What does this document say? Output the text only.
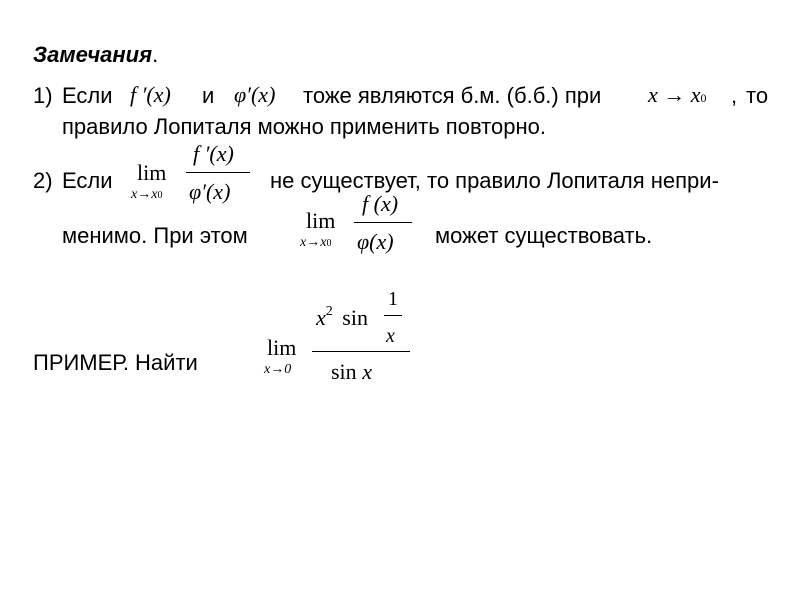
Замечания.
1) Если f ′(x) и φ′(x) тоже являются б.м. (б.б.) при x → x0 , то
правило Лопиталя можно применить повторно.
2) Если lim
x→x0
f ′(x)
φ′(x) не существует, то правило Лопиталя непри-
менимо. При этом
lim
x→x0
f (x)
φ(x) может существовать.
ПРИМЕР. Найти
lim
x→0
$x^2$ sin
1
x
sin x
